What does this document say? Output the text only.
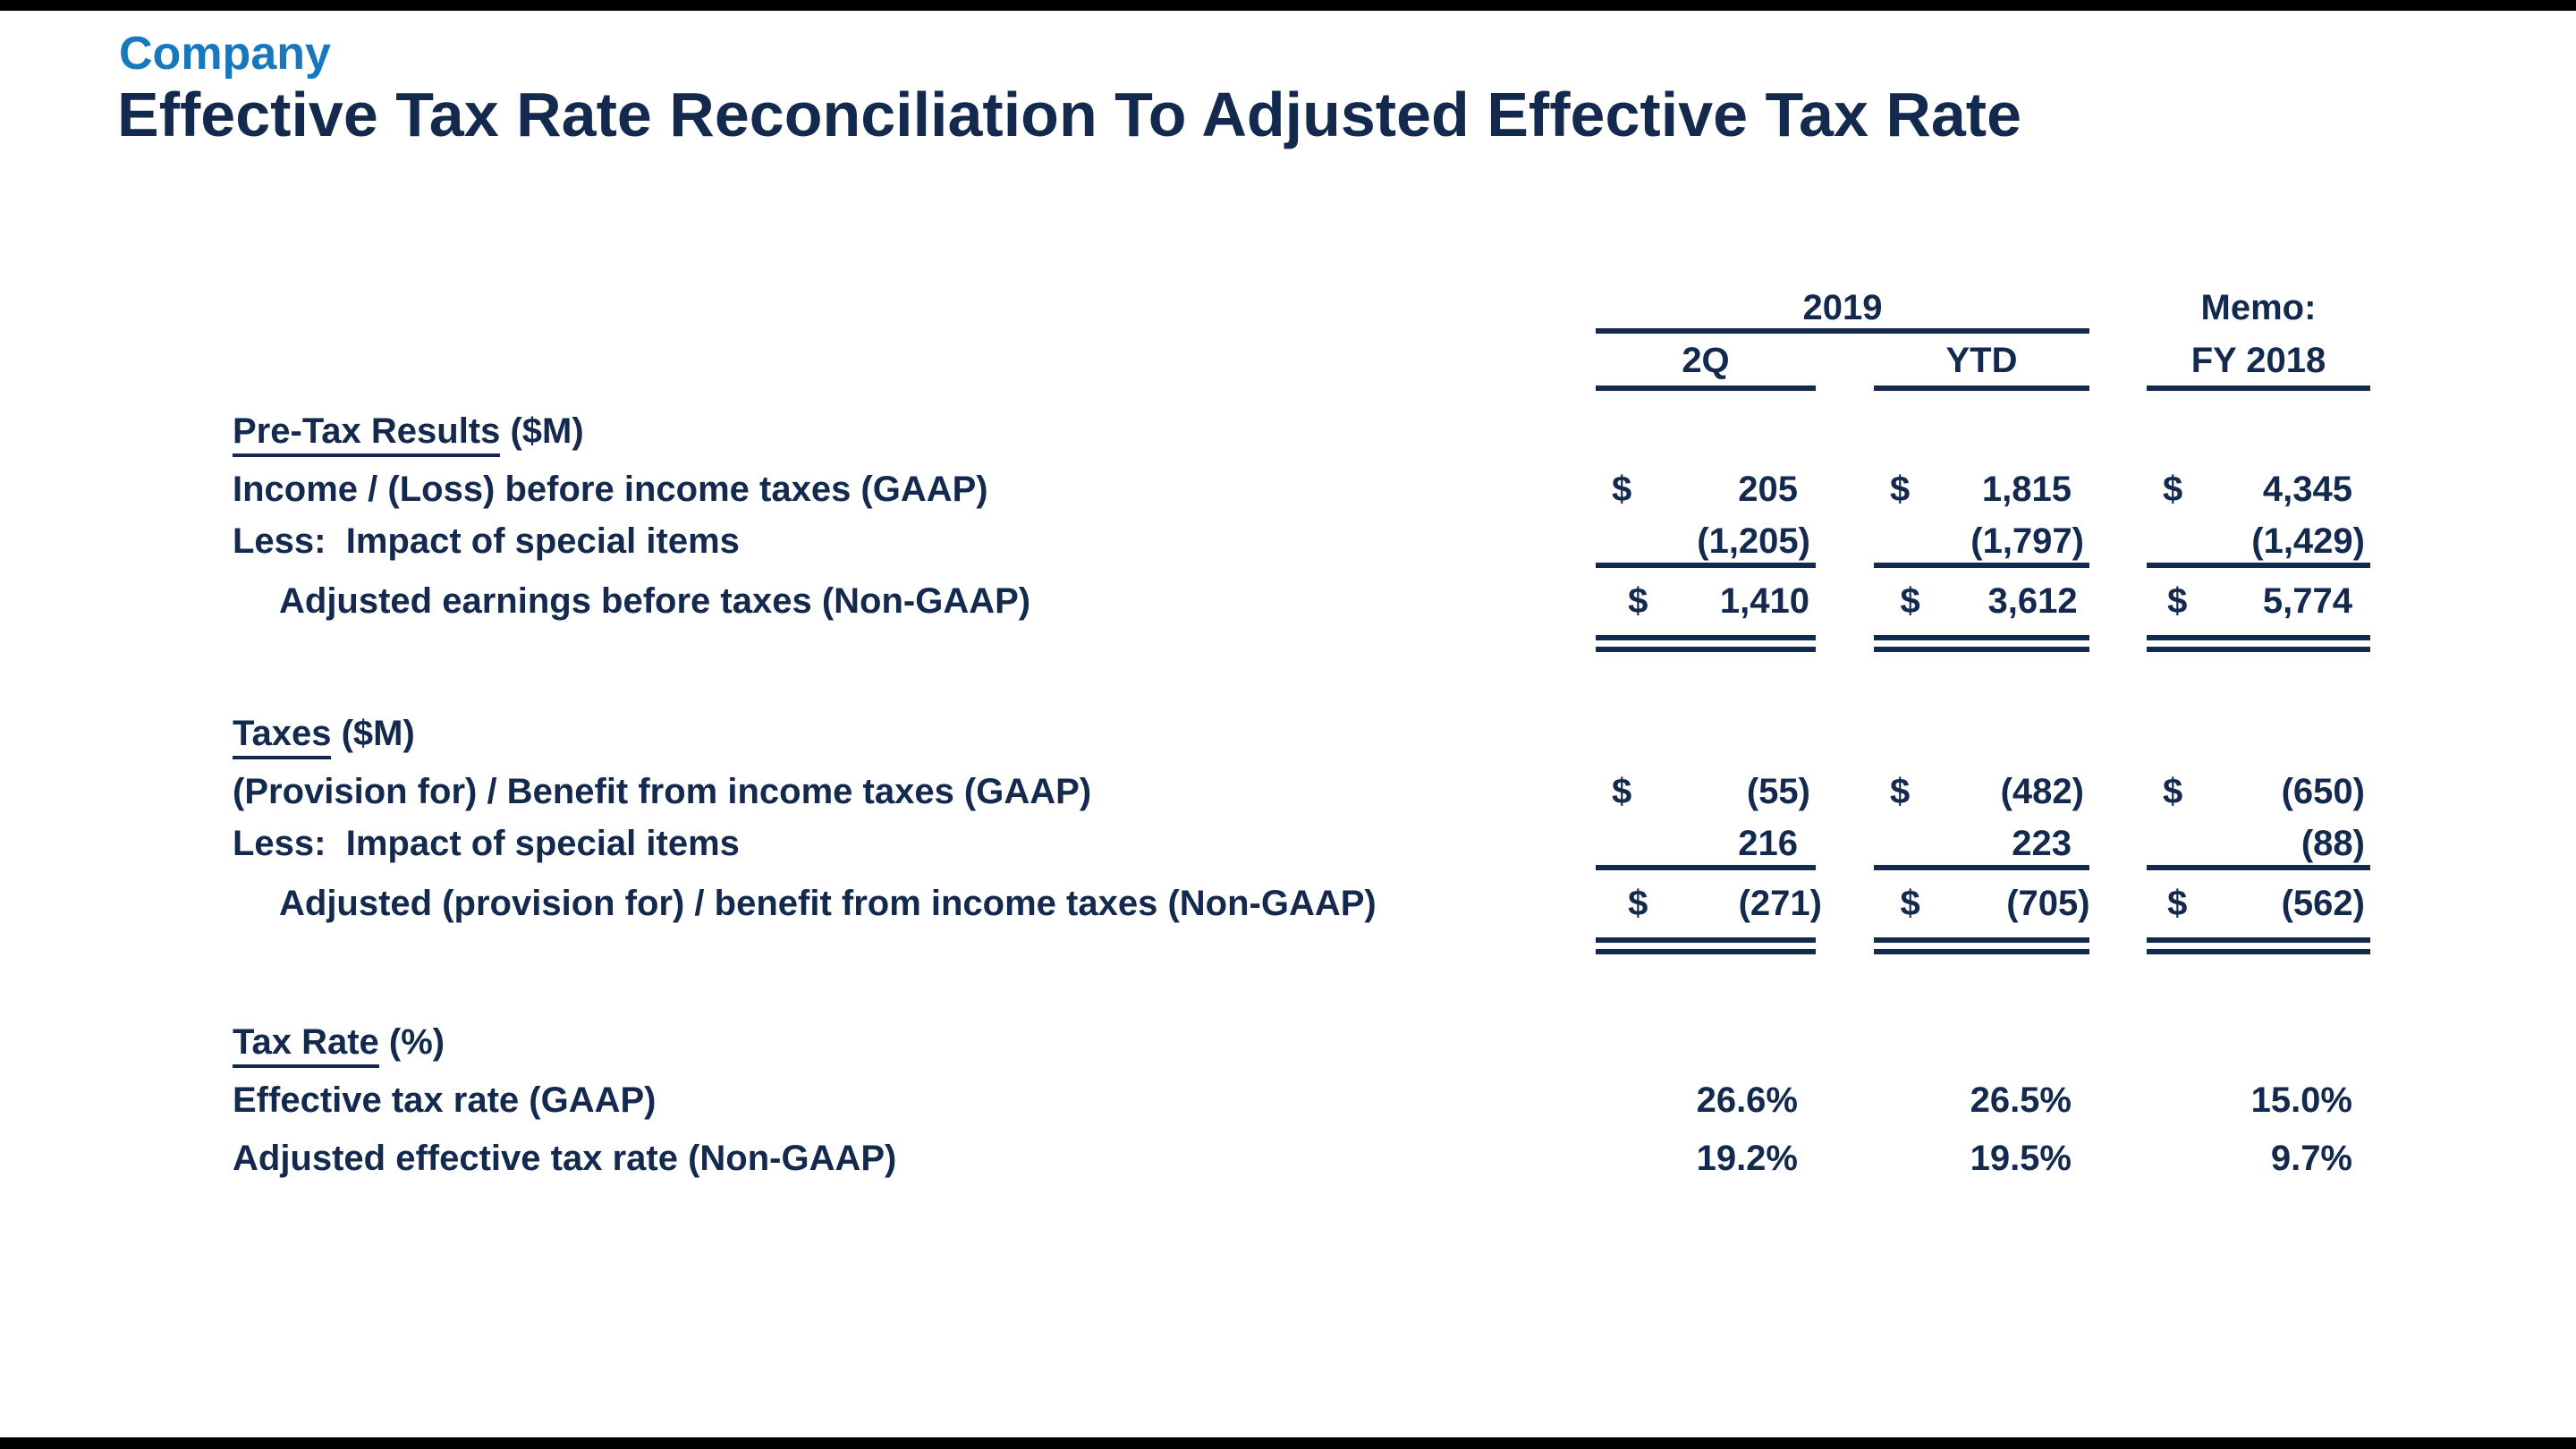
Company
Effective Tax Rate Reconciliation To Adjusted Effective Tax Rate
2019	Memo:
2Q	YTD	FY 2018
Pre-Tax Results ($M)
Income / (Loss) before income taxes (GAAP)	$	205	$	1,815	$	4,345
Less:  Impact of special items	(1,205)	(1,797)	(1,429)
Adjusted earnings before taxes (Non-GAAP)	$	1,410	$	3,612	$	5,774
Taxes ($M)
(Provision for) / Benefit from income taxes (GAAP)	$	(55) $	(482) $	(650)
Less:  Impact of special items	216	223	(88)
Adjusted (provision for) / benefit from income taxes (Non-GAAP)	$	(271) $	(705) $	(562)
Tax Rate (%)
Effective tax rate (GAAP)	26.6%	26.5%	15.0%
Adjusted effective tax rate (Non-GAAP)	19.2%	19.5%	9.7%
